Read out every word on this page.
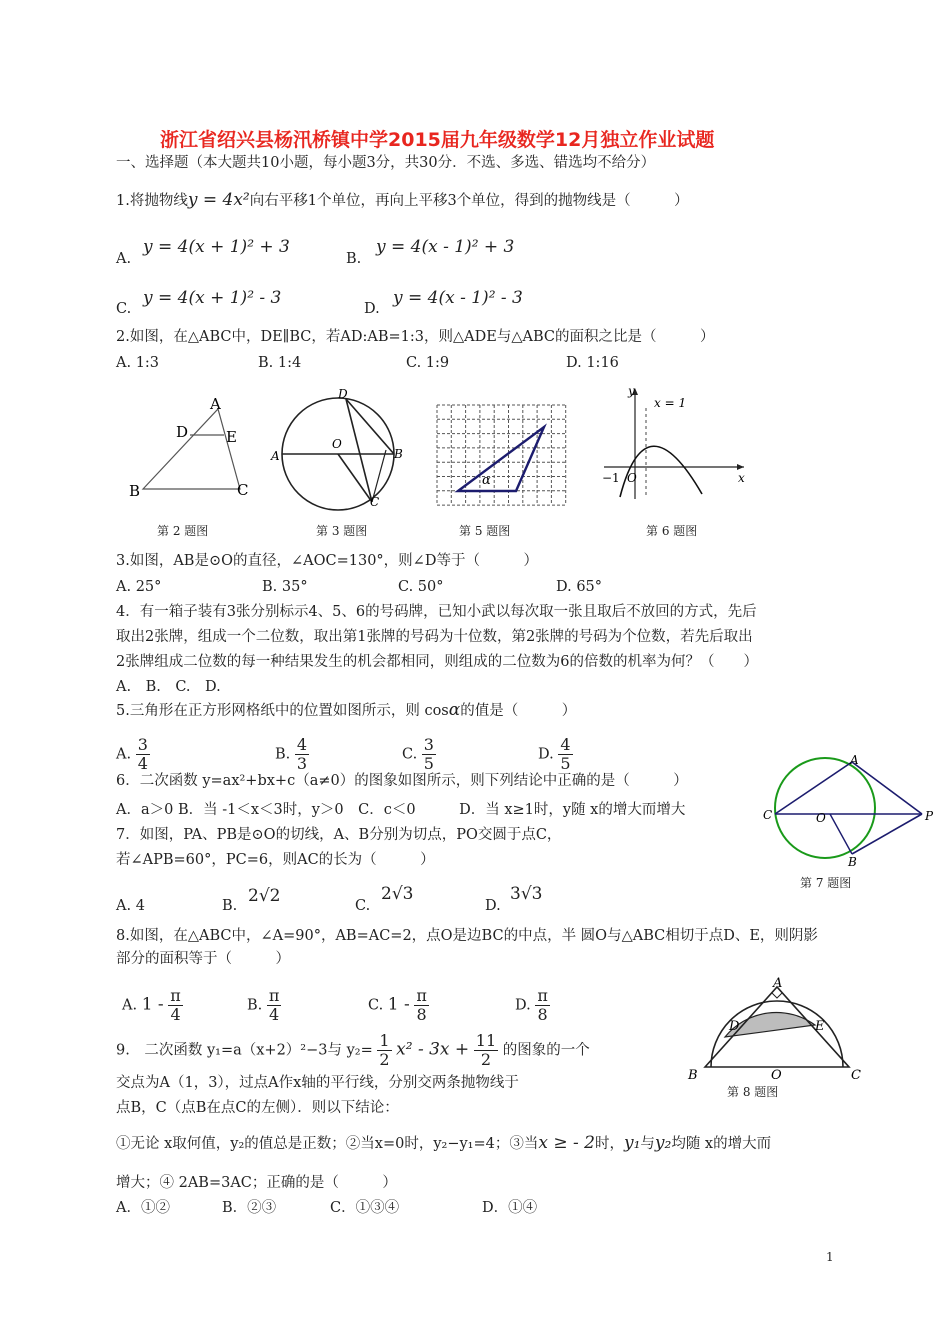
浙江省绍兴县杨汛桥镇中学2015届九年级数学12月独立作业试题
一、选择题（本大题共10小题，每小题3分，共30分．不选、多选、错选均不给分）
1.将抛物线y = 4x²向右平移1个单位，再向上平移3个单位，得到的抛物线是（　　　）
A.
y = 4(x + 1)² + 3
B.
y = 4(x - 1)² + 3
C.
y = 4(x + 1)² - 3
D.
y = 4(x - 1)² - 3
2.如图，在△ABC中，DE∥BC，若AD:AB=1:3，则△ADE与△ABC的面积之比是（　　　）
A. 1:3	B. 1:4	C. 1:9	D. 1:16
A
D	E
B	C
第 2 题图
D
O
A	B
C
第 3 题图
α
第 5 题图
y
x = 1
−1 O	x
第 6 题图
3.如图，AB是⊙O的直径，∠AOC=130°，则∠D等于（　　　）
A. 25°	B. 35°	C. 50°	D. 65°
4．有一箱子装有3张分别标示4、5、6的号码牌，已知小武以每次取一张且取后不放回的方式，先后
取出2张牌，组成一个二位数，取出第1张牌的号码为十位数，第2张牌的号码为个位数，若先后取出
2张牌组成二位数的每一种结果发生的机会都相同，则组成的二位数为6的倍数的机率为何？（　　）
A.　B.　C.　D.
5.三角形在正方形网格纸中的位置如图所示，则 cosα的值是（　　　）
A. $\frac{3}{4}$	B. $\frac{4}{3}$	C. $\frac{3}{5}$	D. $\frac{4}{5}$
6．二次函数 y=ax²+bx+c（a≠0）的图象如图所示，则下列结论中正确的是（　　　）
A．a＞0 B．当 -1＜x＜3时，y＞0　C．c＜0　　　D．当 x≥1时，y随 x的增大而增大
A
C	O	P
B
第 7 题图
7．如图，PA、PB是⊙O的切线，A、B分别为切点，PO交圆于点C，
若∠APB=60°，PC=6，则AC的长为（　　　）
A. 4	B. 2√2	C.
2√3
D.
3√3
8.如图，在△ABC中，∠A=90°，AB=AC=2，点O是边BC的中点，半 圆O与△ABC相切于点D、E，则阴影
部分的面积等于（　　　）
A. $1 - \frac{\pi}{4}$	B. $\frac{\pi}{4}$	C. $1 - \frac{\pi}{8}$	D. $\frac{\pi}{8}$
A
D	E
B	O	C
第 8 题图
9.　二次函数 y₁=a（x+2）²−3与 $y_2= \frac{1}{2} x^2 - 3x + \frac{11}{2}$ 的图象的一个
交点为A（1，3），过点A作x轴的平行线，分别交两条抛物线于
点B，C（点B在点C的左侧）．则以下结论：
①无论 x取何值，y₂的值总是正数；②当x=0时，y₂−y₁=4；③当x ≥ - 2时，y₁与y₂均随 x的增大而
增大；④ 2AB=3AC；正确的是（　　　）
A．①②	B．②③	C．①③④	D．①④
1
